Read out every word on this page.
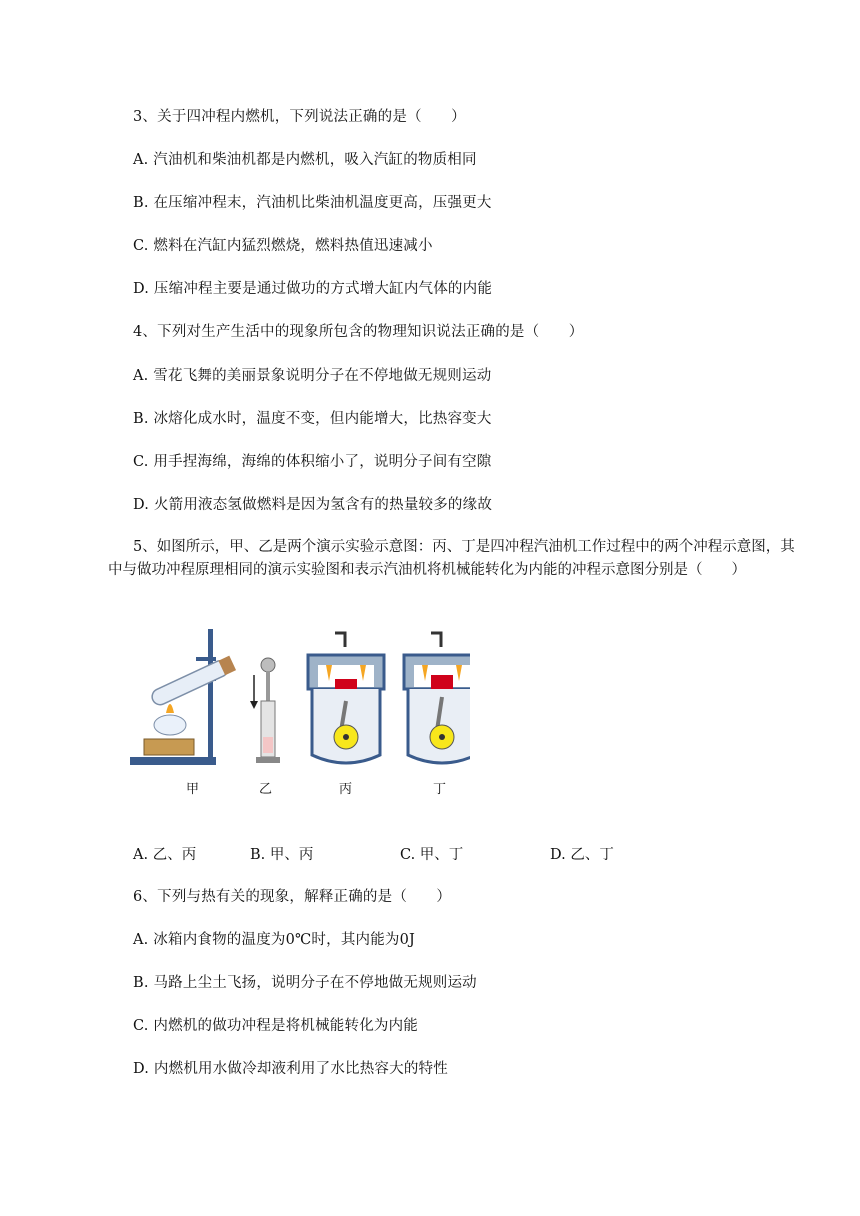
3、关于四冲程内燃机，下列说法正确的是（　　）
A. 汽油机和柴油机都是内燃机，吸入汽缸的物质相同
B. 在压缩冲程末，汽油机比柴油机温度更高，压强更大
C. 燃料在汽缸内猛烈燃烧，燃料热值迅速减小
D. 压缩冲程主要是通过做功的方式增大缸内气体的内能
4、下列对生产生活中的现象所包含的物理知识说法正确的是（　　）
A. 雪花飞舞的美丽景象说明分子在不停地做无规则运动
B. 冰熔化成水时，温度不变，但内能增大，比热容变大
C. 用手捏海绵，海绵的体积缩小了，说明分子间有空隙
D. 火箭用液态氢做燃料是因为氢含有的热量较多的缘故
5、如图所示，甲、乙是两个演示实验示意图：丙、丁是四冲程汽油机工作过程中的两个冲程示意图，其中与做功冲程原理相同的演示实验图和表示汽油机将机械能转化为内能的冲程示意图分别是（　　）
甲	乙	丙	丁
A. 乙、丙	B. 甲、丙	C. 甲、丁	D. 乙、丁
6、下列与热有关的现象，解释正确的是（　　）
A. 冰箱内食物的温度为0℃时，其内能为0J
B. 马路上尘土飞扬，说明分子在不停地做无规则运动
C. 内燃机的做功冲程是将机械能转化为内能
D. 内燃机用水做冷却液利用了水比热容大的特性
